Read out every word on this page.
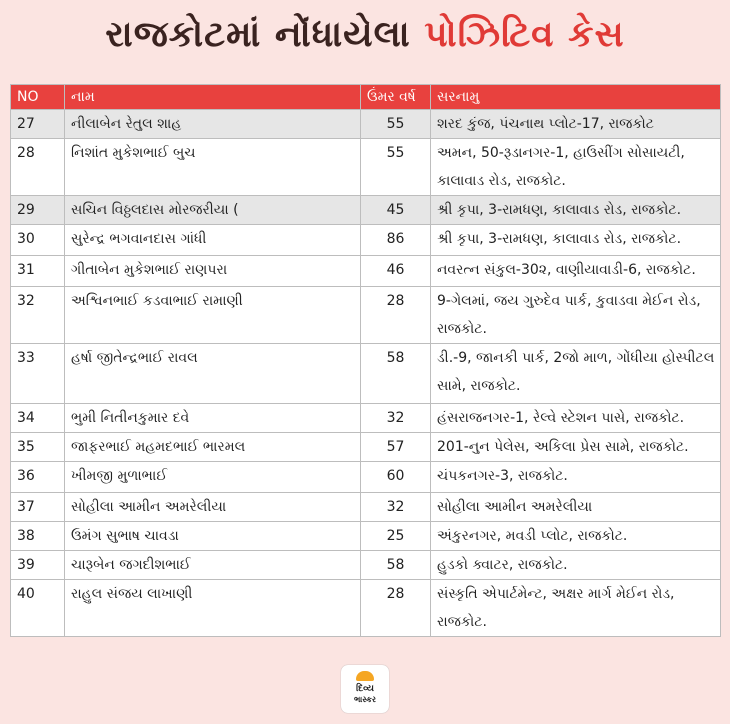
રાજકોટમાં નોંધાયેલા પોઝિટિવ કેસ
NO	નામ	ઉંમર વર્ષ	સરનામુ
27	નીલાબેન રેતુલ શાહ	55	શરદ કુંજ, પંચનાથ પ્લોટ-17, રાજકોટ
28	નિશાંત મુકેશભાઈ બુચ	55	અમન, 50-રૂડાનગર-1, હાઉસીંગ સોસાયટી, કાલાવાડ રોડ, રાજકોટ.
29	સચિન વિઠ્ઠલદાસ મોરજરીયા (	45	શ્રી કૃપા, 3-રામધણ, કાલાવાડ રોડ, રાજકોટ.
30	સુરેન્દ્ર ભગવાનદાસ ગાંધી	86	શ્રી કૃપા, 3-રામધણ, કાલાવાડ રોડ, રાજકોટ.
31	ગીતાબેન મુકેશભાઈ રાણપરા	46	નવરત્ન સંકુલ-30૨, વાણીયાવાડી-6, રાજકોટ.
32	અશ્વિનભાઈ કડવાભાઈ રામાણી	28	9-ગેલમાં, જય ગુરુદેવ પાર્ક, કુવાડવા મેઈન રોડ, રાજકોટ.
33	હર્ષા જીતેન્દ્રભાઈ રાવલ	58	ડી.-9, જાનકી પાર્ક, 2જો માળ, ગોંધીયા હોસ્પીટલ સામે, રાજકોટ.
34	ભુમી નિતીનકુમાર દવે	32	હંસરાજનગર-1, રેલ્વે સ્ટેશન પાસે, રાજકોટ.
35	જાફરભાઈ મહમદભાઈ ભારમલ	57	201-નુન પેલેસ, અકિલા પ્રેસ સામે, રાજકોટ.
36	ખીમજી મુળાભાઈ	60	ચંપકનગર-3, રાજકોટ.
37	સોહીલા આમીન અમરેલીયા	32	સોહીલા આમીન અમરેલીયા
38	ઉમંગ સુભાષ ચાવડા	25	અંકુરનગર, મવડી પ્લોટ, રાજકોટ.
39	ચારૂબેન જગદીશભાઈ	58	હુડકો ક્વાટર, રાજકોટ.
40	રાહુલ સંજય લાખાણી	28	સંસ્કૃતિ એપાર્ટમેન્ટ, અક્ષર માર્ગ મેઈન રોડ, રાજકોટ.
દિવ્ય
ભાસ્કર
